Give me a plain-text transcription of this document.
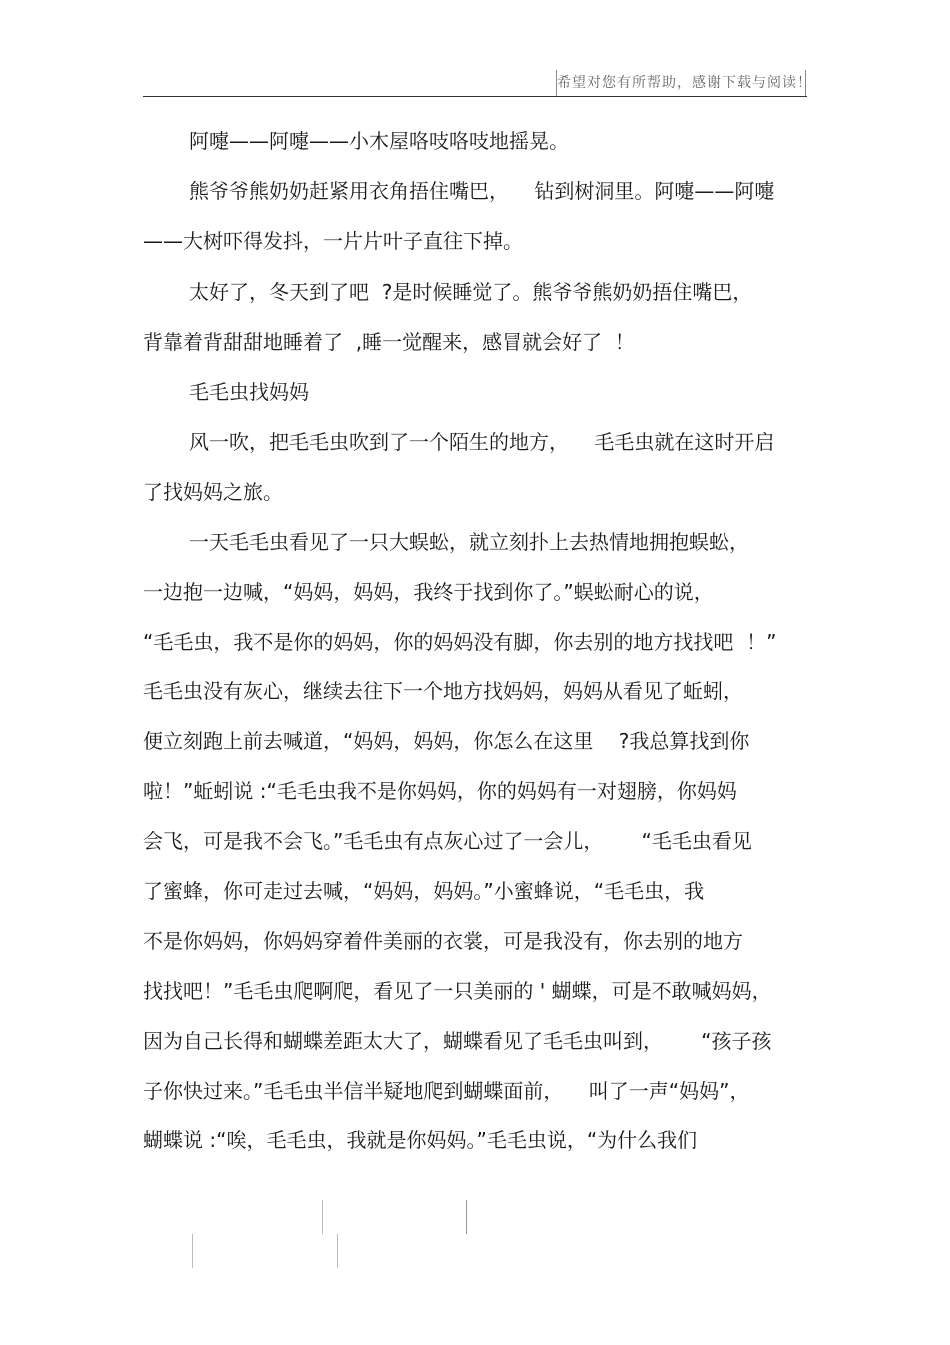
希望对您有所帮助，感谢下载与阅读！
阿嚏——阿嚏——小木屋咯吱咯吱地摇晃。
熊爷爷熊奶奶赶紧用衣角捂住嘴巴，    钻到树洞里。阿嚏——阿嚏
——大树吓得发抖，一片片叶子直往下掉。
太好了，冬天到了吧  ?是时候睡觉了。熊爷爷熊奶奶捂住嘴巴，
背靠着背甜甜地睡着了  ,睡一觉醒来，感冒就会好了  ！
毛毛虫找妈妈
风一吹，把毛毛虫吹到了一个陌生的地方，    毛毛虫就在这时开启
了找妈妈之旅。
一天毛毛虫看见了一只大蜈蚣，就立刻扑上去热情地拥抱蜈蚣，
一边抱一边喊，“妈妈，妈妈，我终于找到你了。”蜈蚣耐心的说，
“毛毛虫，我不是你的妈妈，你的妈妈没有脚，你去别的地方找找吧  ！”
毛毛虫没有灰心，继续去往下一个地方找妈妈，妈妈从看见了蚯蚓，
便立刻跑上前去喊道，“妈妈，妈妈，你怎么在这里    ?我总算找到你
啦！”蚯蚓说 :“毛毛虫我不是你妈妈，你的妈妈有一对翅膀，你妈妈
会飞，可是我不会飞。”毛毛虫有点灰心过了一会儿，      “毛毛虫看见
了蜜蜂，你可走过去喊，“妈妈，妈妈。”小蜜蜂说，“毛毛虫，我
不是你妈妈，你妈妈穿着件美丽的衣裳，可是我没有，你去别的地方
找找吧！”毛毛虫爬啊爬，看见了一只美丽的 ' 蝴蝶，可是不敢喊妈妈，
因为自己长得和蝴蝶差距太大了，蝴蝶看见了毛毛虫叫到，      “孩子孩
子你快过来。”毛毛虫半信半疑地爬到蝴蝶面前，    叫了一声“妈妈”，
蝴蝶说 :“唉，毛毛虫，我就是你妈妈。”毛毛虫说，“为什么我们
